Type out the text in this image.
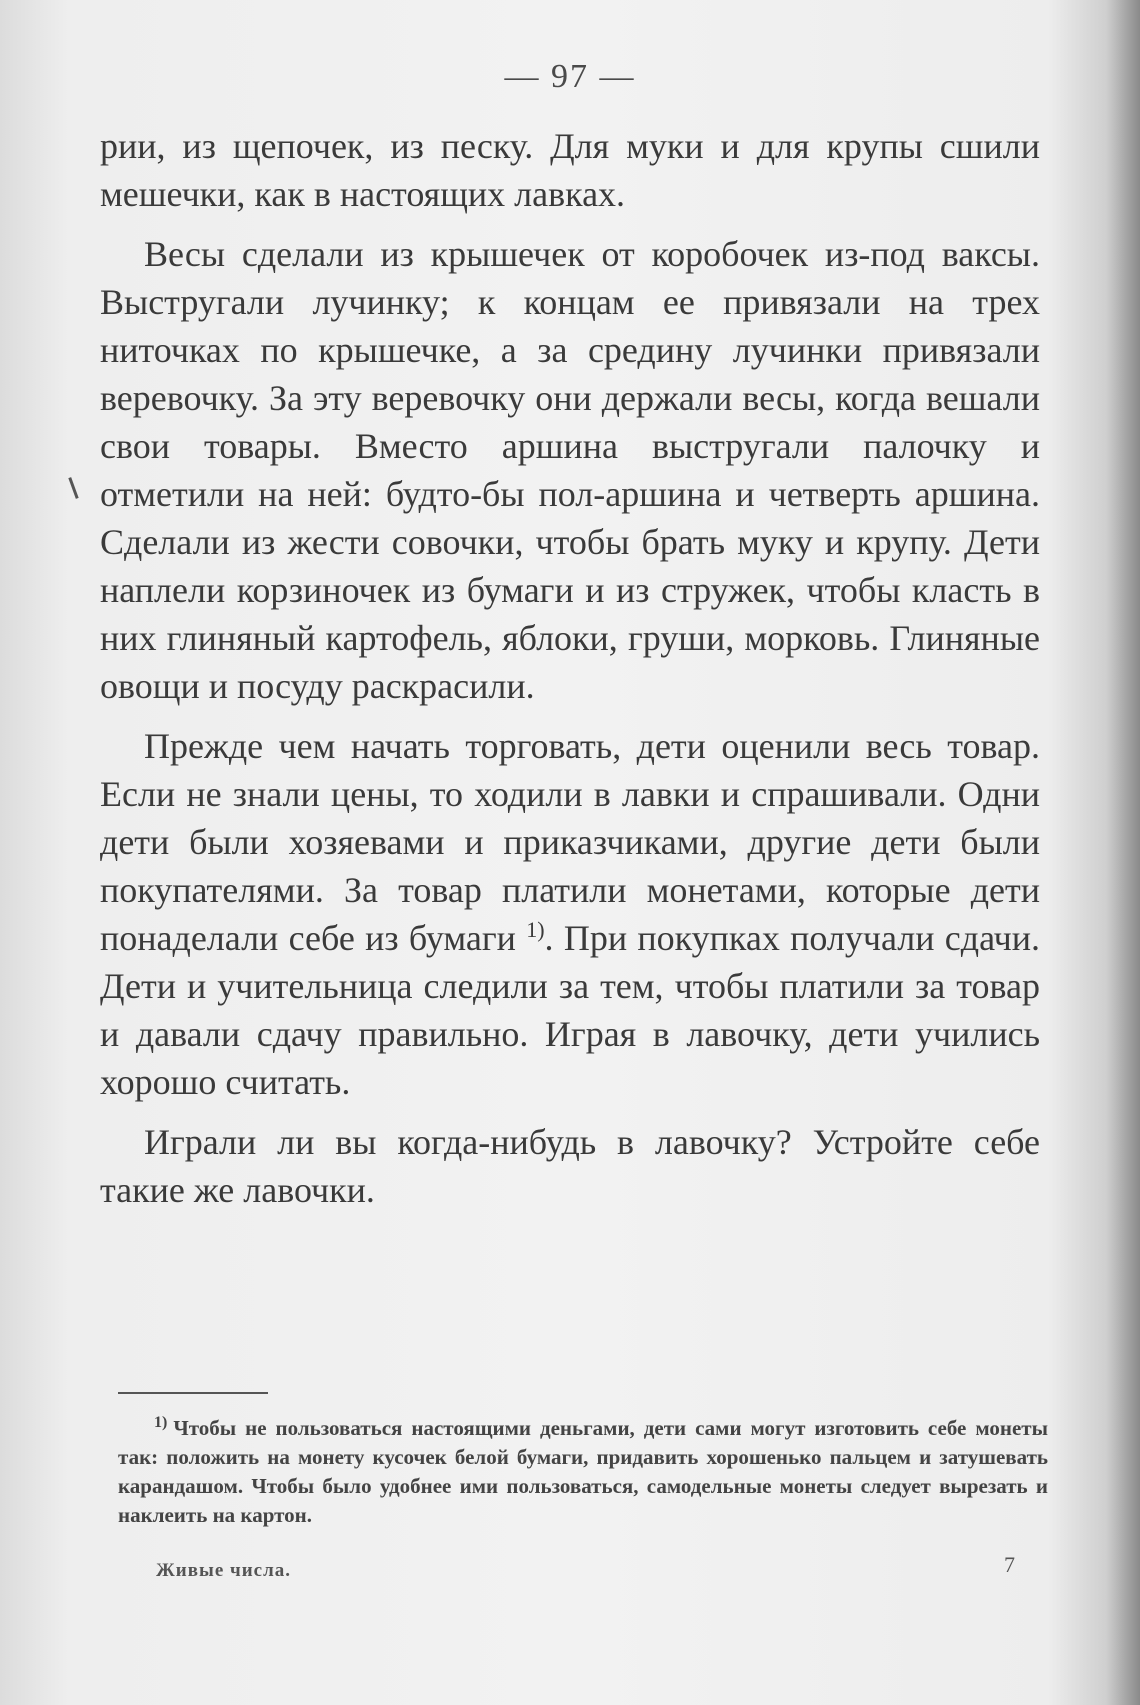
— 97 —

рии, из щепочек, из песку. Для муки и для крупы сшили мешечки, как в настоящих лавках.

Весы сделали из крышечек от коробочек из-под ваксы. Выстругали лучинку; к концам ее привязали на трех ниточках по крышечке, а за средину лучинки привязали веревочку. За эту веревочку они держали весы, когда вешали свои товары. Вместо аршина выстругали палочку и отметили на ней: будто-бы пол-аршина и четверть аршина. Сделали из жести совочки, чтобы брать муку и крупу. Дети наплели корзиночек из бумаги и из стружек, чтобы класть в них глиняный картофель, яблоки, груши, морковь. Глиняные овощи и посуду раскрасили.

Прежде чем начать торговать, дети оценили весь товар. Если не знали цены, то ходили в лавки и спрашивали. Одни дети были хозяевами и приказчиками, другие дети были покупателями. За товар платили монетами, которые дети понаделали себе из бумаги $^{1)}$. При покупках получали сдачи. Дети и учительница следили за тем, чтобы платили за товар и давали сдачу правильно. Играя в лавочку, дети учились хорошо считать.

Играли ли вы когда-нибудь в лавочку? Устройте себе такие же лавочки.

$^{1)}$ Чтобы не пользоваться настоящими деньгами, дети сами могут изготовить себе монеты так: положить на монету кусочек белой бумаги, придавить хорошенько пальцем и затушевать карандашом. Чтобы было удобнее ими пользоваться, самодельные монеты следует вырезать и наклеить на картон.
Живые числа.	7
